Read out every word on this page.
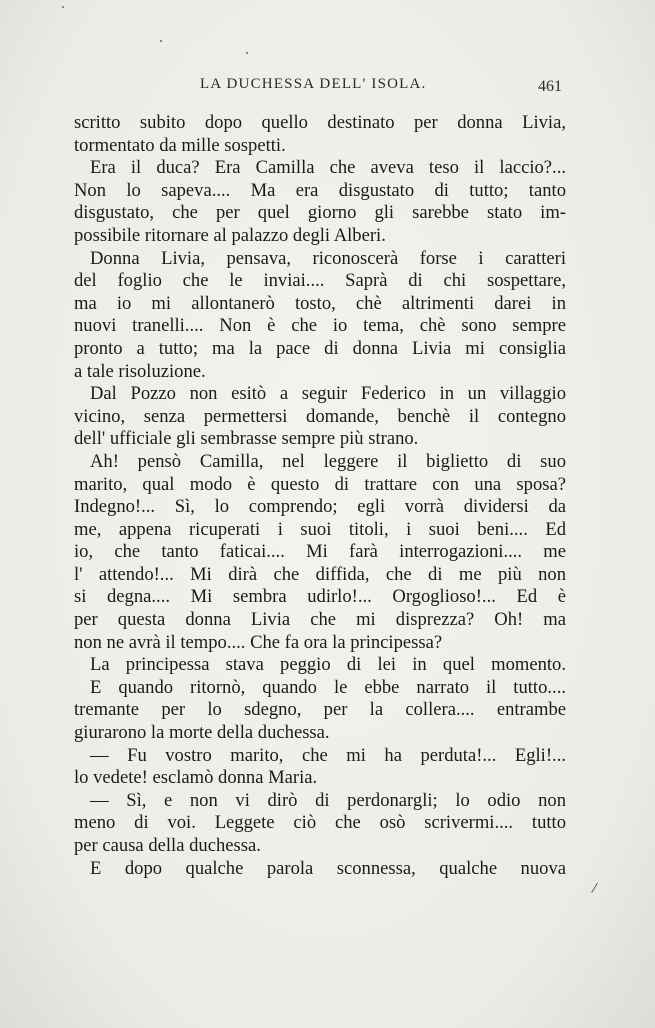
LA DUCHESSA DELL' ISOLA.	461
scritto subito dopo quello destinato per donna Livia,
tormentato da mille sospetti.
Era il duca? Era Camilla che aveva teso il laccio?...
Non lo sapeva.... Ma era disgustato di tutto; tanto
disgustato, che per quel giorno gli sarebbe stato im-
possibile ritornare al palazzo degli Alberi.
Donna Livia, pensava, riconoscerà forse i caratteri
del foglio che le inviai.... Saprà di chi sospettare,
ma io mi allontanerò tosto, chè altrimenti darei in
nuovi tranelli.... Non è che io tema, chè sono sempre
pronto a tutto; ma la pace di donna Livia mi consiglia
a tale risoluzione.
Dal Pozzo non esitò a seguir Federico in un villaggio
vicino, senza permettersi domande, benchè il contegno
dell' ufficiale gli sembrasse sempre più strano.
Ah! pensò Camilla, nel leggere il biglietto di suo
marito, qual modo è questo di trattare con una sposa?
Indegno!... Sì, lo comprendo; egli vorrà dividersi da
me, appena ricuperati i suoi titoli, i suoi beni.... Ed
io, che tanto faticai.... Mi farà interrogazioni.... me
l' attendo!... Mi dirà che diffida, che di me più non
si degna.... Mi sembra udirlo!... Orgoglioso!... Ed è
per questa donna Livia che mi disprezza? Oh! ma
non ne avrà il tempo.... Che fa ora la principessa?
La principessa stava peggio di lei in quel momento.
E quando ritornò, quando le ebbe narrato il tutto....
tremante per lo sdegno, per la collera.... entrambe
giurarono la morte della duchessa.
— Fu vostro marito, che mi ha perduta!... Egli!...
lo vedete! esclamò donna Maria.
— Sì, e non vi dirò di perdonargli; lo odio non
meno di voi. Leggete ciò che osò scrivermi.... tutto
per causa della duchessa.
E dopo qualche parola sconnessa, qualche nuova
/
